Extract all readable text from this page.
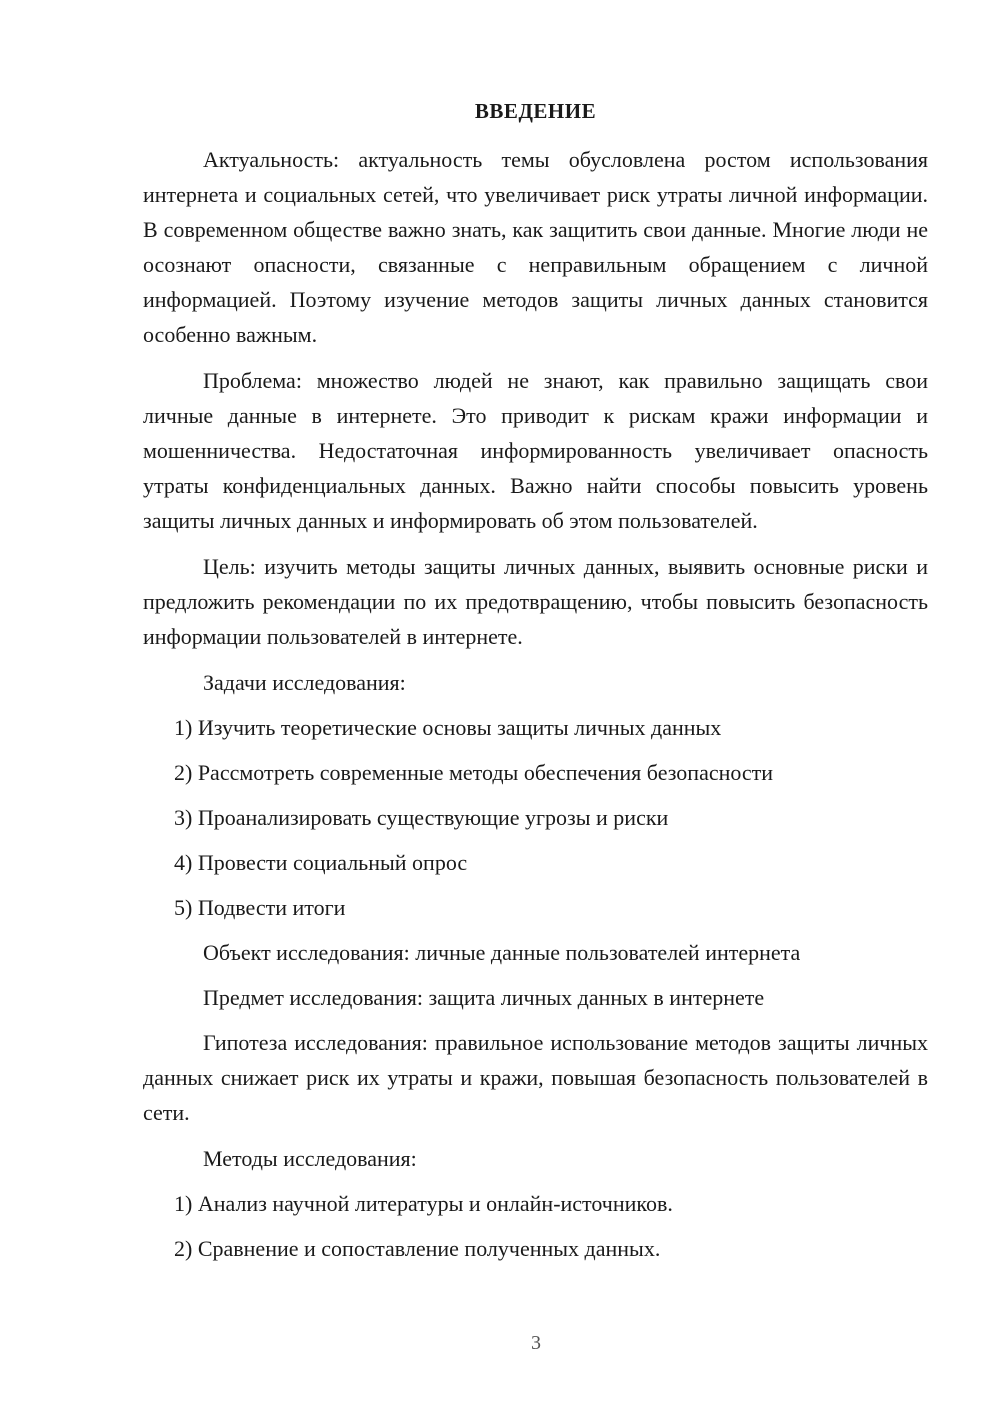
ВВЕДЕНИЕ

Актуальность: актуальность темы обусловлена ростом использования интернета и социальных сетей, что увеличивает риск утраты личной информации. В современном обществе важно знать, как защитить свои данные. Многие люди не осознают опасности, связанные с неправильным обращением с личной информацией. Поэтому изучение методов защиты личных данных становится особенно важным.

Проблема: множество людей не знают, как правильно защищать свои личные данные в интернете. Это приводит к рискам кражи информации и мошенничества. Недостаточная информированность увеличивает опасность утраты конфиденциальных данных. Важно найти способы повысить уровень защиты личных данных и информировать об этом пользователей.

Цель: изучить методы защиты личных данных, выявить основные риски и предложить рекомендации по их предотвращению, чтобы повысить безопасность информации пользователей в интернете.

Задачи исследования:

1) Изучить теоретические основы защиты личных данных
2) Рассмотреть современные методы обеспечения безопасности
3) Проанализировать существующие угрозы и риски
4) Провести социальный опрос
5) Подвести итоги

Объект исследования: личные данные пользователей интернета

Предмет исследования: защита личных данных в интернете

Гипотеза исследования: правильное использование методов защиты личных данных снижает риск их утраты и кражи, повышая безопасность пользователей в сети.

Методы исследования:

1) Анализ научной литературы и онлайн-источников.
2) Сравнение и сопоставление полученных данных.
3
